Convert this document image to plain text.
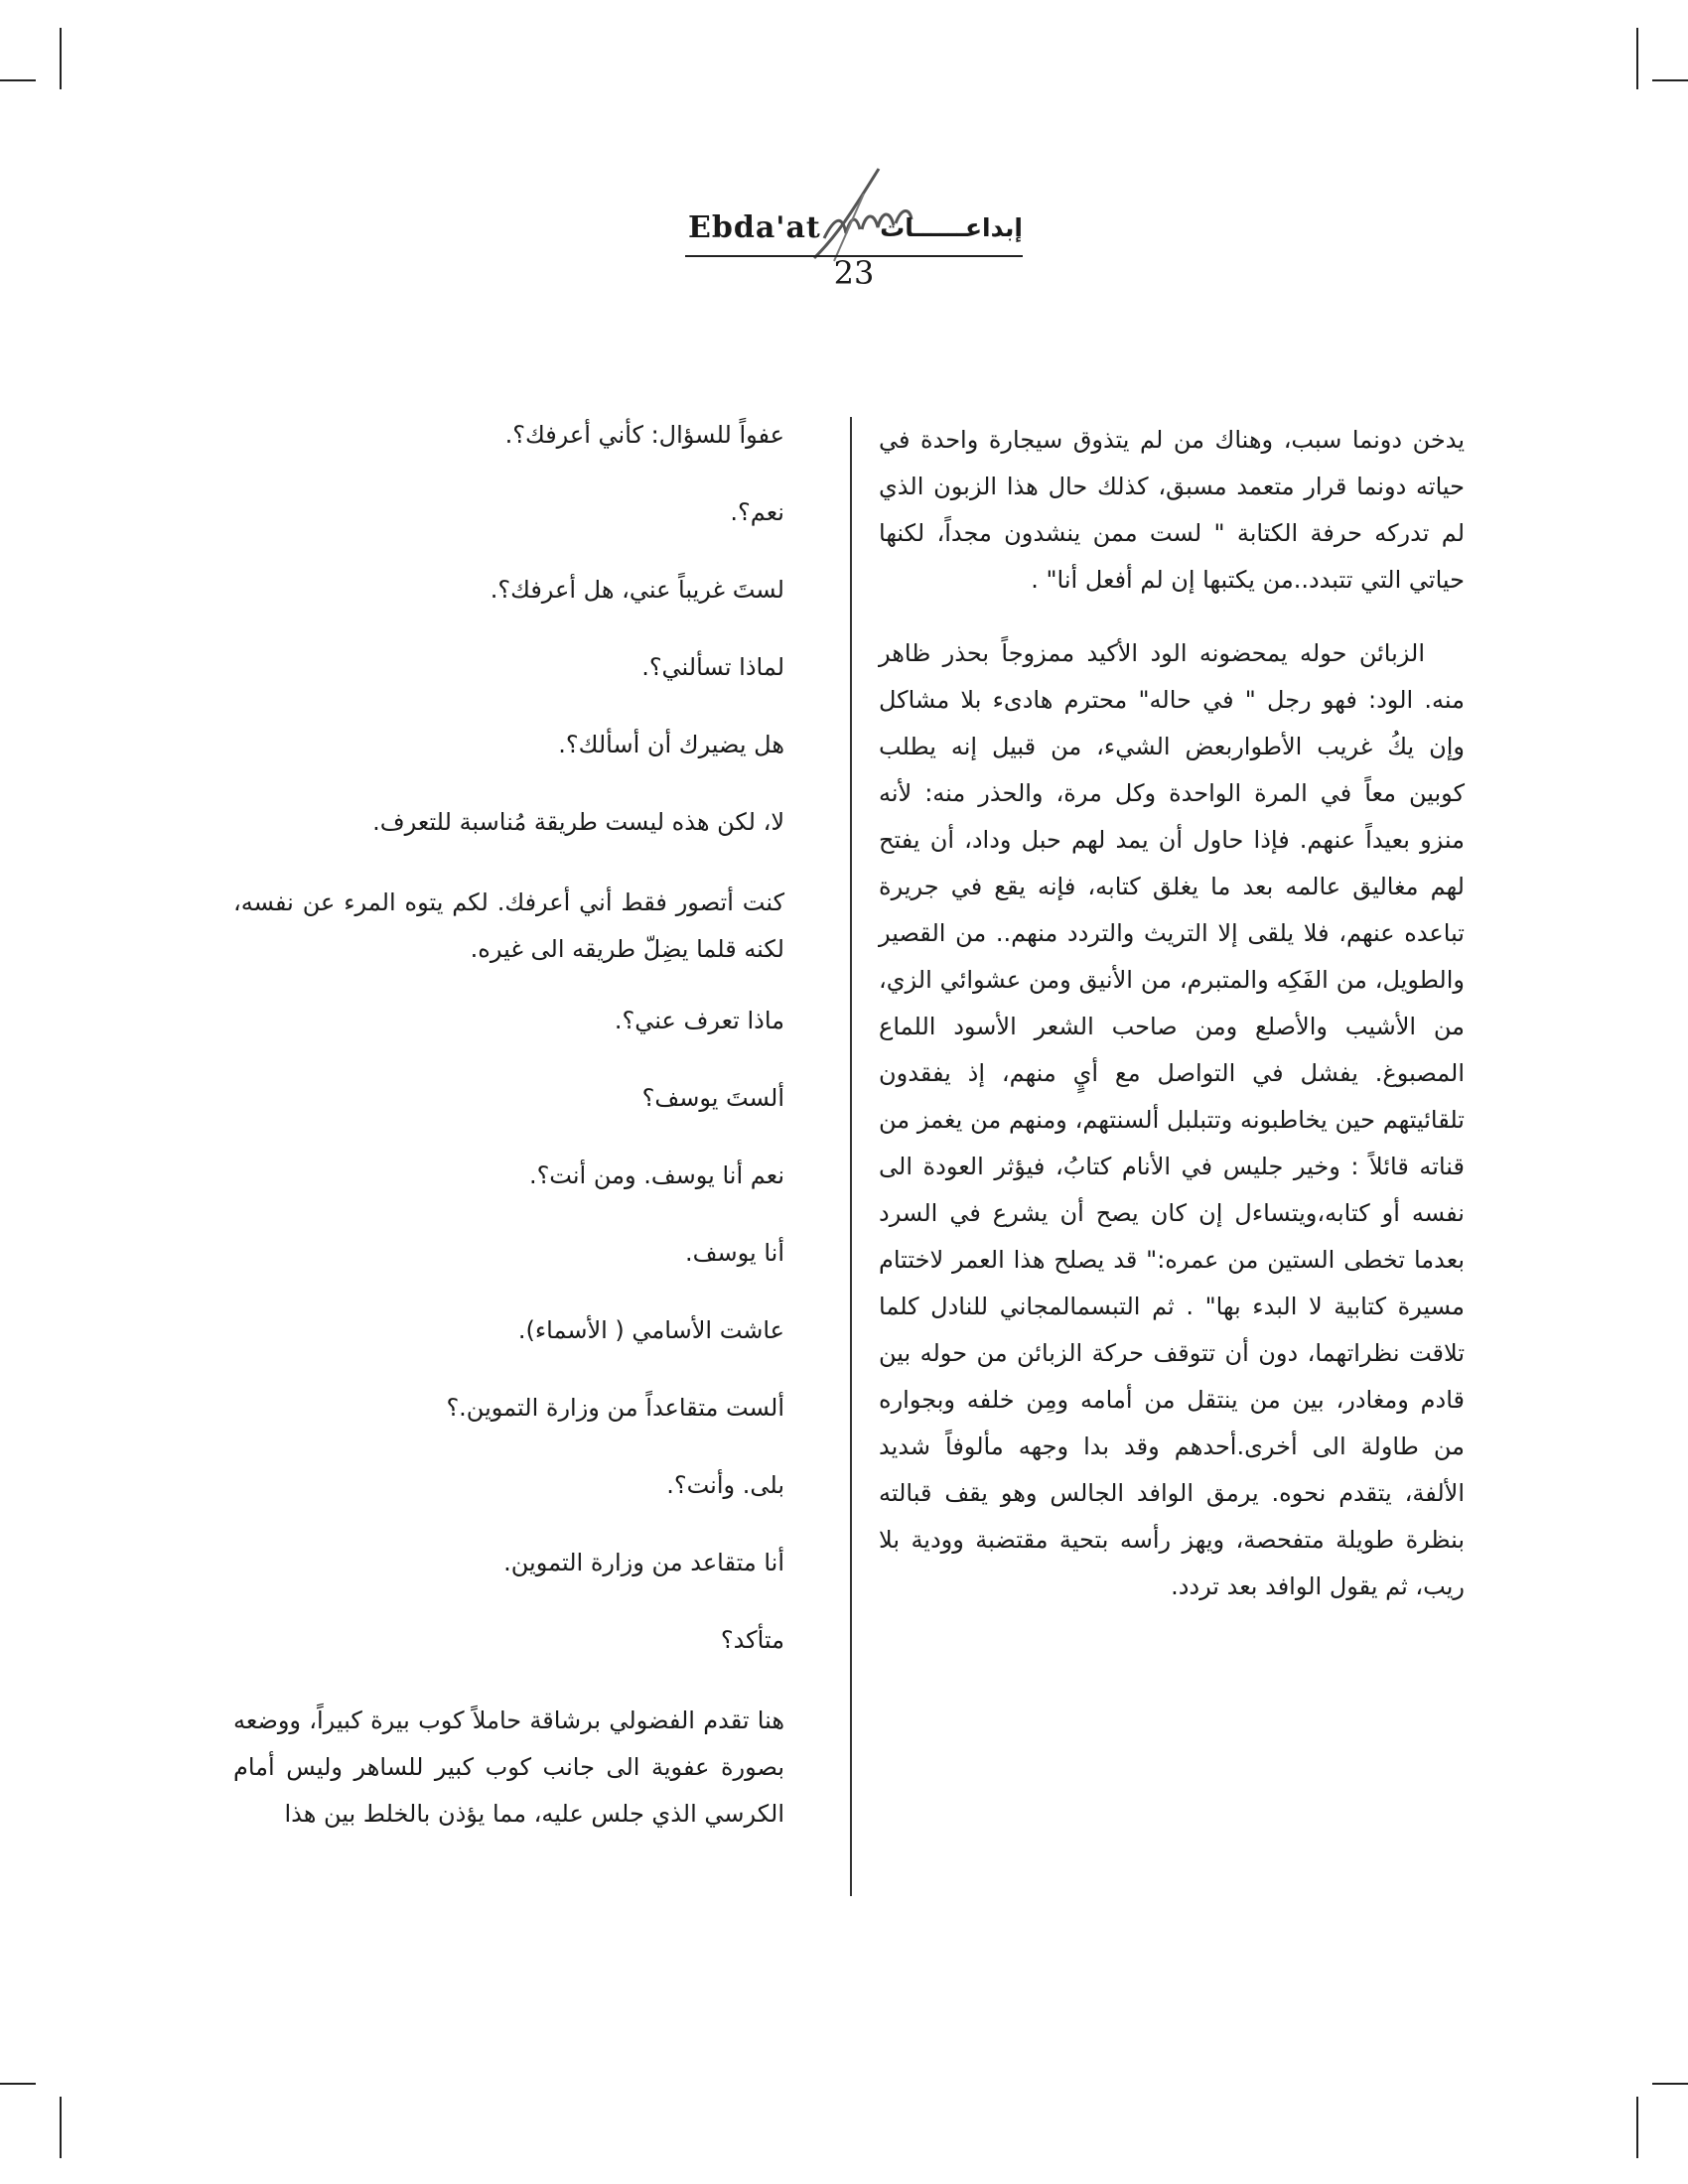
Ebda'at إبداعــــــات
23

يدخن دونما سبب، وهناك من لم يتذوق سيجارة واحدة في حياته دونما قرار متعمد مسبق، كذلك حال هذا الزبون الذي لم تدركه حرفة الكتابة " لست ممن ينشدون مجداً، لكنها حياتي التي تتبدد..من يكتبها إن لم أفعل أنا" .

الزبائن حوله يمحضونه الود الأكيد ممزوجاً بحذر ظاهر منه. الود: فهو رجل " في حاله" محترم هادىء بلا مشاكل وإن يكُ غريب الأطواربعض الشيء، من قبيل إنه يطلب كوبين معاً في المرة الواحدة وكل مرة، والحذر منه: لأنه منزو بعيداً عنهم. فإذا حاول أن يمد لهم حبل وداد، أن يفتح لهم مغاليق عالمه بعد ما يغلق كتابه، فإنه يقع في جريرة تباعده عنهم، فلا يلقى إلا التريث والتردد منهم.. من القصير والطويل، من الفَكِه والمتبرم، من الأنيق ومن عشوائي الزي، من الأشيب والأصلع ومن صاحب الشعر الأسود اللماع المصبوغ. يفشل في التواصل مع أيٍ منهم، إذ يفقدون تلقائيتهم حين يخاطبونه وتتبلبل ألسنتهم، ومنهم من يغمز من قناته قائلاً : وخير جليس في الأنام كتابُ، فيؤثر العودة الى نفسه أو كتابه،ويتساءل إن كان يصح أن يشرع في السرد بعدما تخطى الستين من عمره:" قد يصلح هذا العمر لاختتام مسيرة كتابية لا البدء بها" . ثم التبسمالمجاني للنادل كلما تلاقت نظراتهما، دون أن تتوقف حركة الزبائن من حوله بين قادم ومغادر، بين من ينتقل من أمامه ومِن خلفه وبجواره من طاولة الى أخرى.أحدهم وقد بدا وجهه مألوفاً شديد الألفة، يتقدم نحوه. يرمق الوافد الجالس وهو يقف قبالته بنظرة طويلة متفحصة، ويهز رأسه بتحية مقتضبة وودية بلا ريب، ثم يقول الوافد بعد تردد.

عفواً للسؤال: كأني أعرفك؟.

نعم؟.

لستَ غريباً عني، هل أعرفك؟.

لماذا تسألني؟.

هل يضيرك أن أسألك؟.

لا، لكن هذه ليست طريقة مُناسبة للتعرف.

كنت أتصور فقط أني أعرفك. لكم يتوه المرء عن نفسه، لكنه قلما يضِلّ طريقه الى غيره.

ماذا تعرف عني؟.

ألستَ يوسف؟

نعم أنا يوسف. ومن أنت؟.

أنا يوسف.

عاشت الأسامي ( الأسماء).

ألست متقاعداً من وزارة التموين.؟

بلى. وأنت؟.

أنا متقاعد من وزارة التموين.

متأكد؟

هنا تقدم الفضولي برشاقة حاملاً كوب بيرة كبيراً، ووضعه بصورة عفوية الى جانب كوب كبير للساهر وليس أمام الكرسي الذي جلس عليه، مما يؤذن بالخلط بين هذا
